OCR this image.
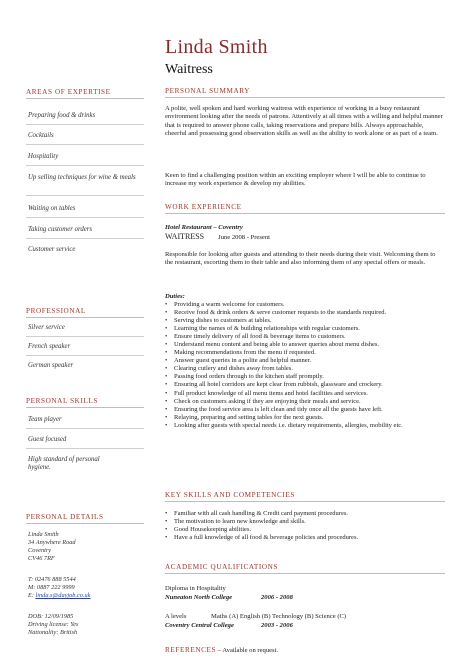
Linda Smith
Waitress
AREAS OF EXPERTISE
Preparing food & drinks
Cocktails
Hospitality
Up selling techniques for wine & meals
Waiting on tables
Taking customer orders
Customer service
PROFESSIONAL
Silver service
French speaker
German speaker
PERSONAL SKILLS
Team player
Guest focused
High standard of personal hygiene.
PERSONAL DETAILS
Linda Smith
34 Anywhere Road
Coventry
CV46 7RF
T: 02476 888 5544
M: 0887 222 9999
E: linda.s@dayjob.co.uk
DOB: 12/09/1985
Driving license: Yes
Nationality: British
PERSONAL SUMMARY
A polite, well spoken and hard working waitress with experience of working in a busy restaurant environment looking after the needs of patrons. Attentively at all times with a willing and helpful manner that is required to answer phone calls, taking reservations and prepare bills. Always approachable, cheerful and possessing good observation skills as well as the ability to work alone or as part of a team.
Keen to find a challenging position within an exciting employer where I will be able to continue to increase my work experience & develop my abilities.
WORK EXPERIENCE
Hotel Restaurant – Coventry
WAITRESS June 2008 - Present
Responsible for looking after guests and attending to their needs during their visit. Welcoming them to the restaurant, escorting them to their table and also informing them of any special offers or meals.
Duties:
• Providing a warm welcome for customers.
• Receive food & drink orders & serve customer requests to the standards required.
• Serving dishes to customers at tables.
• Learning the names of & building relationships with regular customers.
• Ensure timely delivery of all food & beverage items to customers.
• Understand menu content and being able to answer queries about menu dishes.
• Making recommendations from the menu if requested.
• Answer guest queries in a polite and helpful manner.
• Clearing cutlery and dishes away from tables.
• Passing food orders through to the kitchen staff promptly.
• Ensuring all hotel corridors are kept clear from rubbish, glassware and crockery.
• Full product knowledge of all menu items and hotel facilities and services.
• Check on customers asking if they are enjoying their meals and service.
• Ensuring the food service area is left clean and tidy once all the guests have left.
• Relaying, preparing and setting tables for the next guests.
• Looking after guests with special needs i.e. dietary requirements, allergies, mobility etc.
KEY SKILLS AND COMPETENCIES
• Familiar with all cash handling & Credit card payment procedures.
• The motivation to learn new knowledge and skills.
• Good Housekeeping abilities.
• Have a full knowledge of all food & beverage policies and procedures.
ACADEMIC QUALIFICATIONS
Diploma in Hospitality
Nuneaton North College	2006 - 2008
A levels	Maths (A) English (B) Technology (B) Science (C)
Coventry Central College	2003 - 2006
REFERENCES – Available on request.
